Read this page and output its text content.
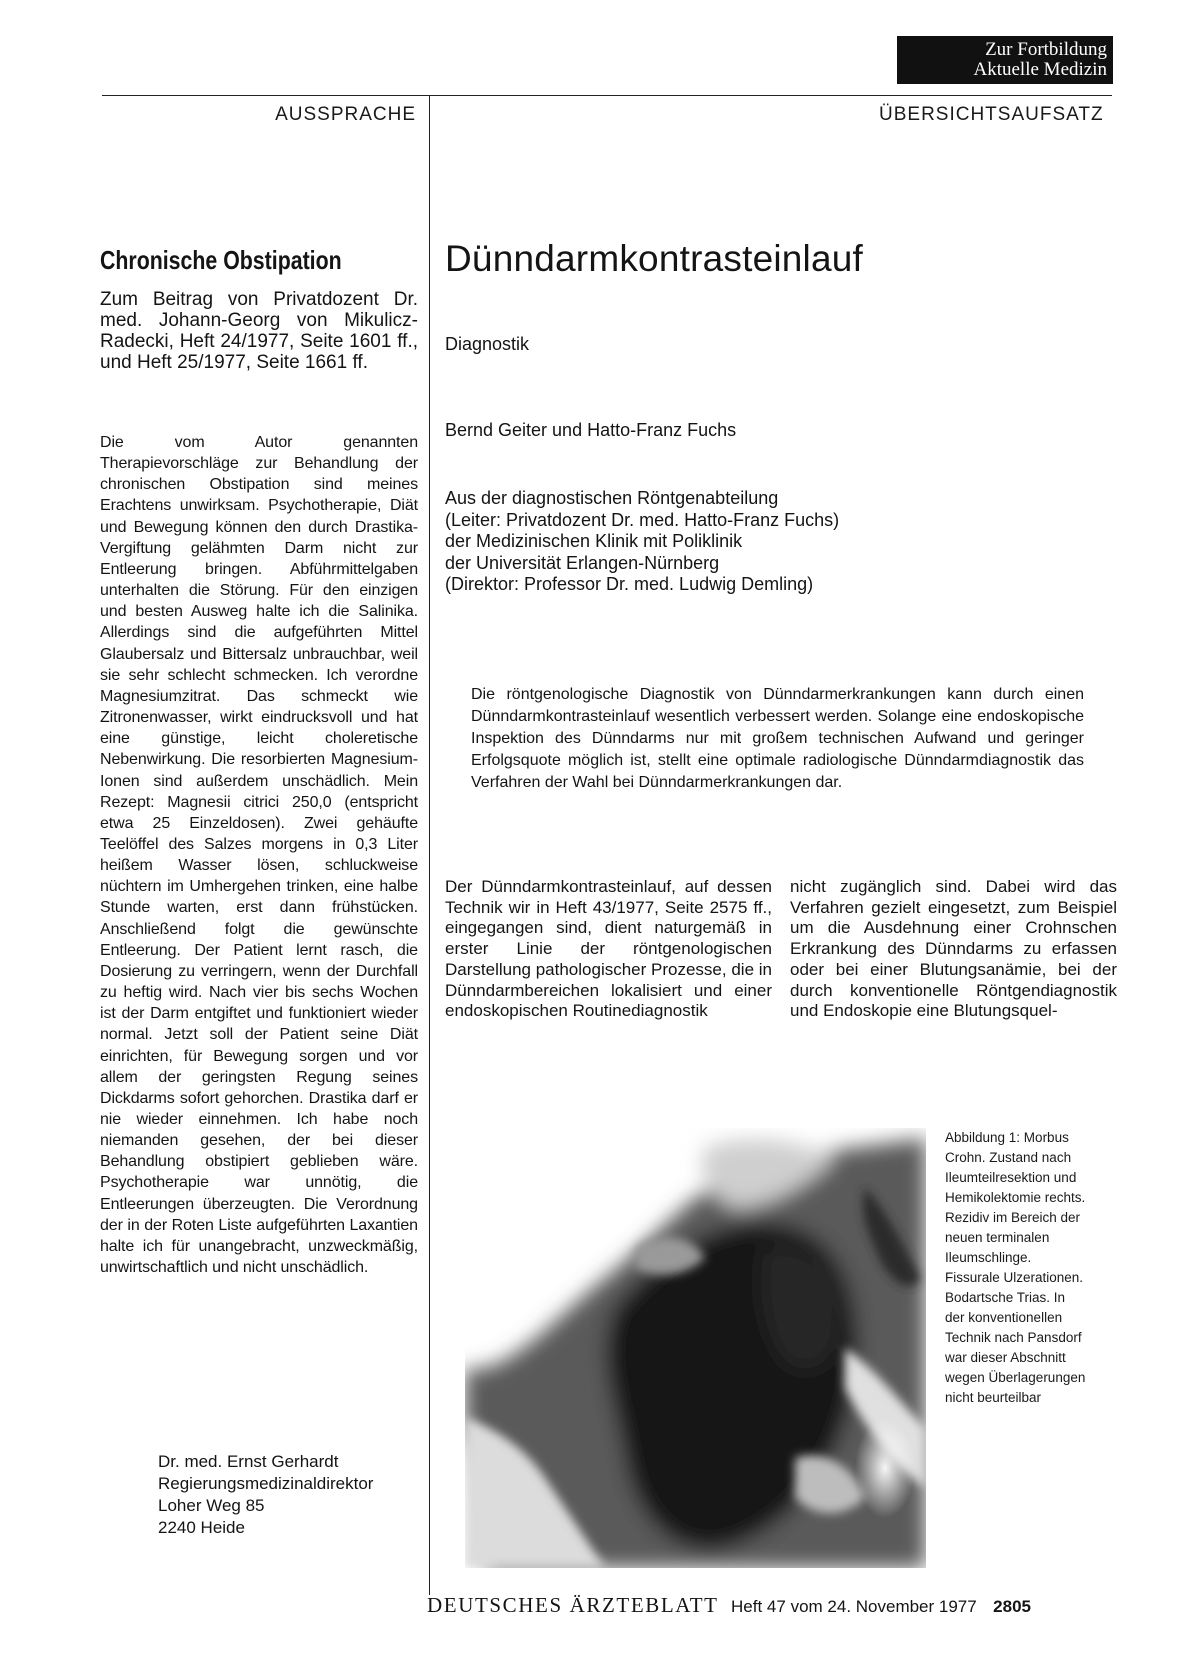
Zur Fortbildung
Aktuelle Medizin
AUSSPRACHE	ÜBERSICHTSAUFSATZ
Chronische Obstipation
Zum Beitrag von Privatdozent Dr. med. Johann-Georg von Mikulicz-Radecki, Heft 24/1977, Seite 1601 ff., und Heft 25/1977, Seite 1661 ff.
Die vom Autor genannten Therapievorschläge zur Behandlung der chronischen Obstipation sind meines Erachtens unwirksam. Psychotherapie, Diät und Bewegung können den durch Drastika-Vergiftung gelähmten Darm nicht zur Entleerung bringen. Abführmittelgaben unterhalten die Störung. Für den einzigen und besten Ausweg halte ich die Salinika. Allerdings sind die aufgeführten Mittel Glaubersalz und Bittersalz unbrauchbar, weil sie sehr schlecht schmecken. Ich verordne Magnesiumzitrat. Das schmeckt wie Zitronenwasser, wirkt eindrucksvoll und hat eine günstige, leicht choleretische Nebenwirkung. Die resorbierten Magnesium-Ionen sind außerdem unschädlich. Mein Rezept: Magnesii citrici 250,0 (entspricht etwa 25 Einzeldosen). Zwei gehäufte Teelöffel des Salzes morgens in 0,3 Liter heißem Wasser lösen, schluckweise nüchtern im Umhergehen trinken, eine halbe Stunde warten, erst dann frühstücken. Anschließend folgt die gewünschte Entleerung. Der Patient lernt rasch, die Dosierung zu verringern, wenn der Durchfall zu heftig wird. Nach vier bis sechs Wochen ist der Darm entgiftet und funktioniert wieder normal. Jetzt soll der Patient seine Diät einrichten, für Bewegung sorgen und vor allem der geringsten Regung seines Dickdarms sofort gehorchen. Drastika darf er nie wieder einnehmen. Ich habe noch niemanden gesehen, der bei dieser Behandlung obstipiert geblieben wäre. Psychotherapie war unnötig, die Entleerungen überzeugten. Die Verordnung der in der Roten Liste aufgeführten Laxantien halte ich für unangebracht, unzweckmäßig, unwirtschaftlich und nicht unschädlich.
Dr. med. Ernst Gerhardt
Regierungsmedizinaldirektor
Loher Weg 85
2240 Heide
Dünndarmkontrasteinlauf
Diagnostik
Bernd Geiter und Hatto-Franz Fuchs
Aus der diagnostischen Röntgenabteilung
(Leiter: Privatdozent Dr. med. Hatto-Franz Fuchs)
der Medizinischen Klinik mit Poliklinik
der Universität Erlangen-Nürnberg
(Direktor: Professor Dr. med. Ludwig Demling)
Die röntgenologische Diagnostik von Dünndarmerkrankungen kann durch einen Dünndarmkontrasteinlauf wesentlich verbessert werden. Solange eine endoskopische Inspektion des Dünndarms nur mit großem technischen Aufwand und geringer Erfolgsquote möglich ist, stellt eine optimale radiologische Dünndarmdiagnostik das Verfahren der Wahl bei Dünndarmerkrankungen dar.
Der Dünndarmkontrasteinlauf, auf dessen Technik wir in Heft 43/1977, Seite 2575 ff., eingegangen sind, dient naturgemäß in erster Linie der röntgenologischen Darstellung pathologischer Prozesse, die in Dünndarmbereichen lokalisiert und einer endoskopischen Routinediagnostik
nicht zugänglich sind. Dabei wird das Verfahren gezielt eingesetzt, zum Beispiel um die Ausdehnung einer Crohnschen Erkrankung des Dünndarms zu erfassen oder bei einer Blutungsanämie, bei der durch konventionelle Röntgendiagnostik und Endoskopie eine Blutungsquel-
Abbildung 1: Morbus Crohn. Zustand nach Ileumteilresektion und Hemikolektomie rechts. Rezidiv im Bereich der neuen terminalen Ileumschlinge. Fissurale Ulzerationen. Bodartsche Trias. In der konventionellen Technik nach Pansdorf war dieser Abschnitt wegen Überlagerungen nicht beurteilbar
DEUTSCHES ÄRZTEBLATT Heft 47 vom 24. November 1977 2805
